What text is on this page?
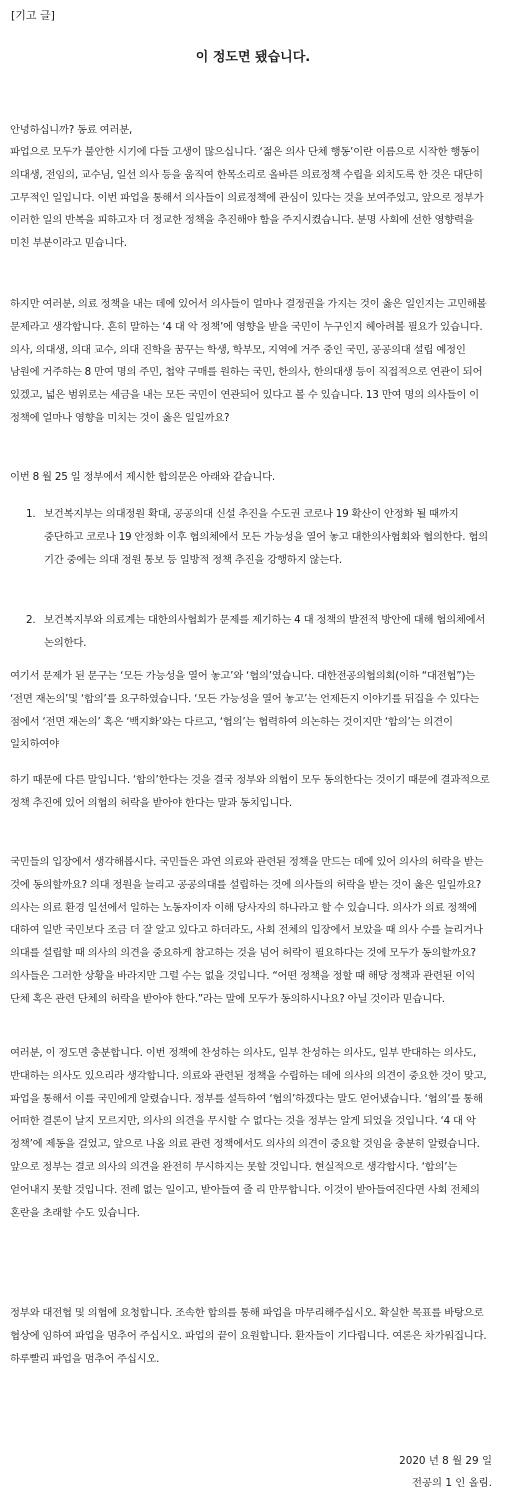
[기고 글]
이 정도면 됐습니다.

안녕하십니까? 동료 여러분,

파업으로 모두가 불안한 시기에 다들 고생이 많으십니다. ‘젊은 의사 단체 행동’이란 이름으로 시작한 행동이 의대생, 전임의, 교수님, 일선 의사 등을 움직여 한목소리로 올바른 의료정책 수립을 외치도록 한 것은 대단히 고무적인 일입니다. 이번 파업을 통해서 의사들이 의료정책에 관심이 있다는 것을 보여주었고, 앞으로 정부가 이러한 일의 반복을 피하고자 더 정교한 정책을 추진해야 함을 주지시켰습니다. 분명 사회에 선한 영향력을 미친 부분이라고 믿습니다.

하지만 여러분, 의료 정책을 내는 데에 있어서 의사들이 얼마나 결정권을 가지는 것이 옳은 일인지는 고민해볼 문제라고 생각합니다. 흔히 말하는 ‘4 대 악 정책’에 영향을 받을 국민이 누구인지 헤아려볼 필요가 있습니다. 의사, 의대생, 의대 교수, 의대 진학을 꿈꾸는 학생, 학부모, 지역에 거주 중인 국민, 공공의대 설립 예정인 남원에 거주하는 8 만여 명의 주민, 첩약 구매를 원하는 국민, 한의사, 한의대생 등이 직접적으로 연관이 되어 있겠고, 넓은 범위로는 세금을 내는 모든 국민이 연관되어 있다고 볼 수 있습니다. 13 만여 명의 의사들이 이 정책에 얼마나 영향을 미치는 것이 옳은 일일까요?

이번 8 월 25 일 정부에서 제시한 합의문은 아래와 같습니다.

1. 보건복지부는 의대정원 확대, 공공의대 신설 추진을 수도권 코로나 19 확산이 안정화 될 때까지 중단하고 코로나 19 안정화 이후 협의체에서 모든 가능성을 열어 놓고 대한의사협회와 협의한다. 협의 기간 중에는 의대 정원 통보 등 일방적 정책 추진을 강행하지 않는다.
2. 보건복지부와 의료계는 대한의사협회가 문제를 제기하는 4 대 정책의 발전적 방안에 대해 협의체에서 논의한다.

여기서 문제가 된 문구는 ‘모든 가능성을 열어 놓고’와 ‘협의’였습니다. 대한전공의협의회(이하 “대전협”)는 ‘전면 재논의’및 ‘합의’를 요구하였습니다. ‘모든 가능성을 열어 놓고’는 언제든지 이야기를 뒤집을 수 있다는 점에서 ‘전면 재논의’ 혹은 ‘백지화’와는 다르고, ‘협의’는 협력하여 의논하는 것이지만 ‘합의’는 의견이 일치하여야

하기 때문에 다른 말입니다. ‘합의’한다는 것을 결국 정부와 의협이 모두 동의한다는 것이기 때문에 결과적으로 정책 추진에 있어 의협의 허락을 받아야 한다는 말과 동치입니다.

국민들의 입장에서 생각해봅시다. 국민들은 과연 의료와 관련된 정책을 만드는 데에 있어 의사의 허락을 받는 것에 동의할까요? 의대 정원을 늘리고 공공의대를 설립하는 것에 의사들의 허락을 받는 것이 옳은 일일까요? 의사는 의료 환경 일선에서 일하는 노동자이자 이해 당사자의 하나라고 할 수 있습니다. 의사가 의료 정책에 대하여 일반 국민보다 조금 더 잘 알고 있다고 하더라도, 사회 전체의 입장에서 보았을 때 의사 수를 늘리거나 의대를 설립할 때 의사의 의견을 중요하게 참고하는 것을 넘어 허락이 필요하다는 것에 모두가 동의할까요? 의사들은 그러한 상황을 바라지만 그럴 수는 없을 것입니다. “어떤 정책을 정할 때 해당 정책과 관련된 이익 단체 혹은 관련 단체의 허락을 받아야 한다.”라는 말에 모두가 동의하시나요? 아닐 것이라 믿습니다.

여러분, 이 정도면 충분합니다. 이번 정책에 찬성하는 의사도, 일부 찬성하는 의사도, 일부 반대하는 의사도, 반대하는 의사도 있으리라 생각합니다. 의료와 관련된 정책을 수립하는 데에 의사의 의견이 중요한 것이 맞고, 파업을 통해서 이를 국민에게 알렸습니다. 정부를 설득하여 ‘협의’하겠다는 말도 얻어냈습니다. ‘협의’를 통해 어떠한 결론이 날지 모르지만, 의사의 의견을 무시할 수 없다는 것을 정부는 알게 되었을 것입니다. ‘4 대 악 정책’에 제동을 걸었고, 앞으로 나올 의료 관련 정책에서도 의사의 의견이 중요할 것임을 충분히 알렸습니다. 앞으로 정부는 결코 의사의 의견을 완전히 무시하지는 못할 것입니다. 현실적으로 생각합시다. ‘합의’는 얻어내지 못할 것입니다. 전례 없는 일이고, 받아들여 줄 리 만무합니다. 이것이 받아들여진다면 사회 전체의 혼란을 초래할 수도 있습니다.

정부와 대전협 및 의협에 요청합니다. 조속한 합의를 통해 파업을 마무리해주십시오. 확실한 목표를 바탕으로 협상에 임하여 파업을 멈추어 주십시오. 파업의 끝이 요원합니다. 환자들이 기다립니다. 여론은 차가워집니다. 하루빨리 파업을 멈추어 주십시오.

2020 년 8 월 29 일
전공의 1 인 올림.
